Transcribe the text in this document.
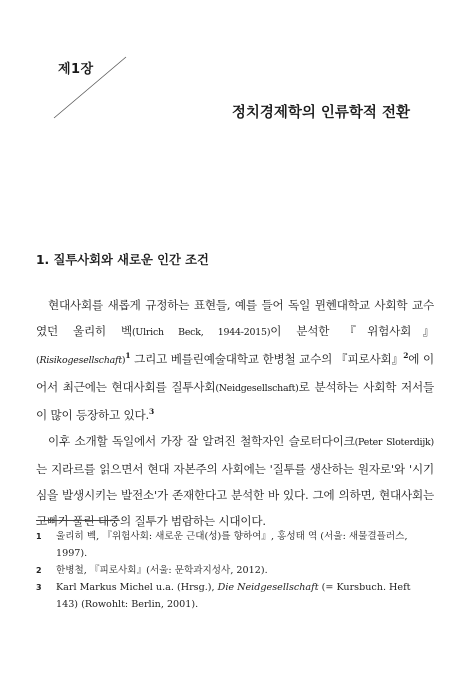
제1장
정치경제학의 인류학적 전환
1. 질투사회와 새로운 인간 조건

현대사회를 새롭게 규정하는 표현들, 예를 들어 독일 뮌헨대학교 사회학 교수였던 울리히 벡(Ulrich Beck, 1944-2015)이 분석한 『위험사회』(Risikogesellschaft)$^1$ 그리고 베를린예술대학교 한병철 교수의 『피로사회』$^2$에 이어서 최근에는 현대사회를 질투사회(Neidgesellschaft)로 분석하는 사회학 저서들이 많이 등장하고 있다.$^3$

이후 소개할 독일에서 가장 잘 알려진 철학자인 슬로터다이크(Peter Sloterdijk)는 지라르를 읽으면서 현대 자본주의 사회에는 '질투를 생산하는 원자로'와 '시기심을 발생시키는 발전소'가 존재한다고 분석한 바 있다. 그에 의하면, 현대사회는 고삐가 풀린 대중의 질투가 범람하는 시대이다.

1 울리히 벡, 『위험사회: 새로운 근대(성)를 향하여』, 홍성태 역 (서울: 새물결플러스, 1997).
2 한병철, 『피로사회』(서울: 문학과지성사, 2012).
3 Karl Markus Michel u.a. (Hrsg.), Die Neidgesellschaft (= Kursbuch. Heft 143) (Rowohlt: Berlin, 2001).
